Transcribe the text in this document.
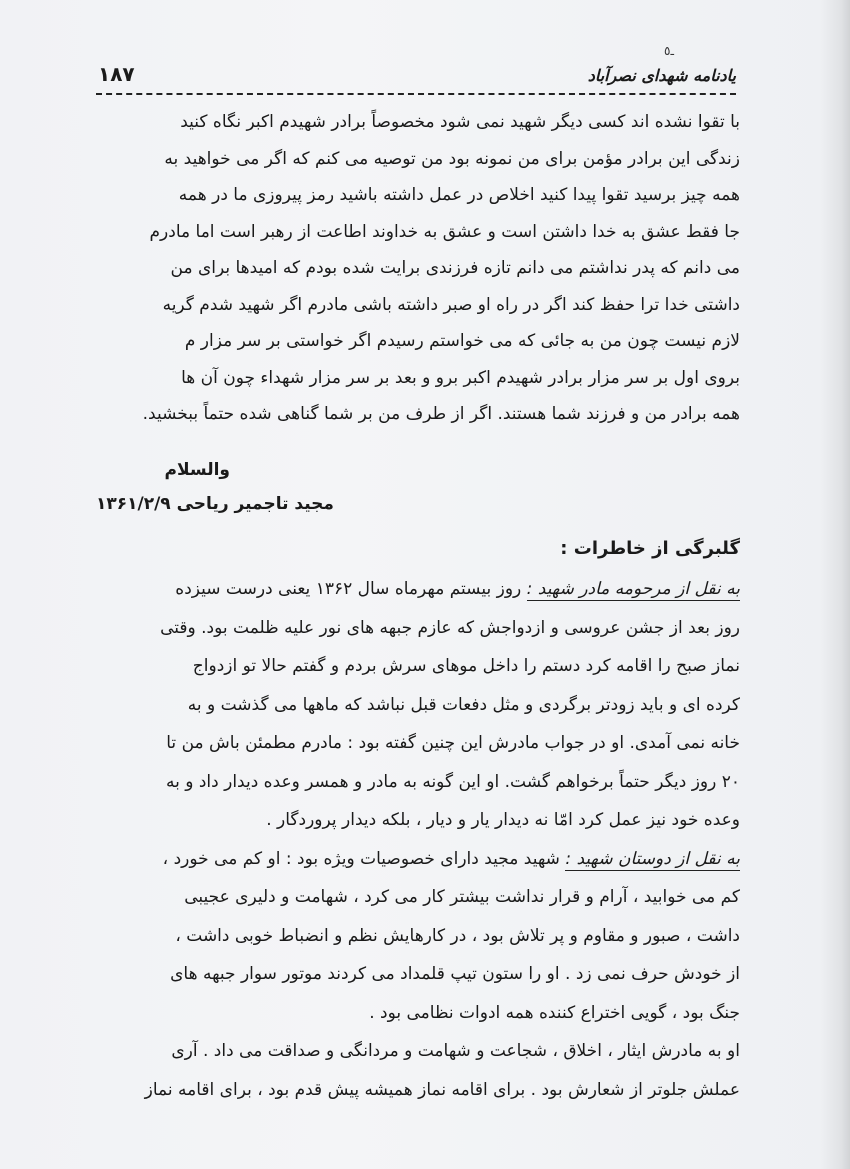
ـ٥
یادنامه شهدای نصرآباد
۱۸۷

با تقوا نشده اند کسی دیگر شهید نمی شود مخصوصاً برادر شهیدم اکبر نگاه کنید

زندگی این برادر مؤمن برای من نمونه بود من توصیه می کنم که اگر می خواهید به

همه چیز برسید تقوا پیدا کنید اخلاص در عمل داشته باشید رمز پیروزی ما در همه

جا فقط عشق به خدا داشتن است و عشق به خداوند اطاعت از رهبر است اما مادرم

می دانم که پدر نداشتم می دانم تازه فرزندی برایت شده بودم که امیدها برای من

داشتی خدا ترا حفظ کند اگر در راه او صبر داشته باشی مادرم اگر شهید شدم گریه

لازم نیست چون من به جائی که می خواستم رسیدم اگر خواستی بر سر مزار م

بروی اول بر سر مزار برادر شهیدم اکبر برو و بعد بر سر مزار شهداء چون آن ها

همه برادر من و فرزند شما هستند. اگر از طرف من بر شما گناهی شده حتماً ببخشید.

والسلام
مجید تاجمیر ریاحی ۱۳۶۱/۲/۹
گلبرگی از خاطرات :

به نقل از مرحومه مادر شهید : روز بیستم مهرماه سال ۱۳۶۲ یعنی درست سیزده

روز بعد از جشن عروسی و ازدواجش که عازم جبهه های نور علیه ظلمت بود. وقتی

نماز صبح را اقامه کرد دستم را داخل موهای سرش بردم و گفتم حالا تو ازدواج

کرده ای و باید زودتر برگردی و مثل دفعات قبل نباشد که ماهها می گذشت و به

خانه نمی آمدی. او در جواب مادرش این چنین گفته بود : مادرم مطمئن باش من تا

۲۰ روز دیگر حتماً برخواهم گشت. او این گونه به مادر و همسر وعده دیدار داد و به

وعده خود نیز عمل کرد امّا نه دیدار یار و دیار ، بلکه دیدار پروردگار .

به نقل از دوستان شهید : شهید مجید دارای خصوصیات ویژه بود : او کم می خورد ،

کم می خوابید ، آرام و قرار نداشت بیشتر کار می کرد ، شهامت و دلیری عجیبی

داشت ، صبور و مقاوم و پر تلاش بود ، در کارهایش نظم و انضباط خوبی داشت ،

از خودش حرف نمی زد . او را ستون تیپ قلمداد می کردند موتور سوار جبهه های

جنگ بود ، گویی اختراع کننده همه ادوات نظامی بود .

او به مادرش ایثار ، اخلاق ، شجاعت و شهامت و مردانگی و صداقت می داد . آری

عملش جلوتر از شعارش بود . برای اقامه نماز همیشه پیش قدم بود ، برای اقامه نماز
